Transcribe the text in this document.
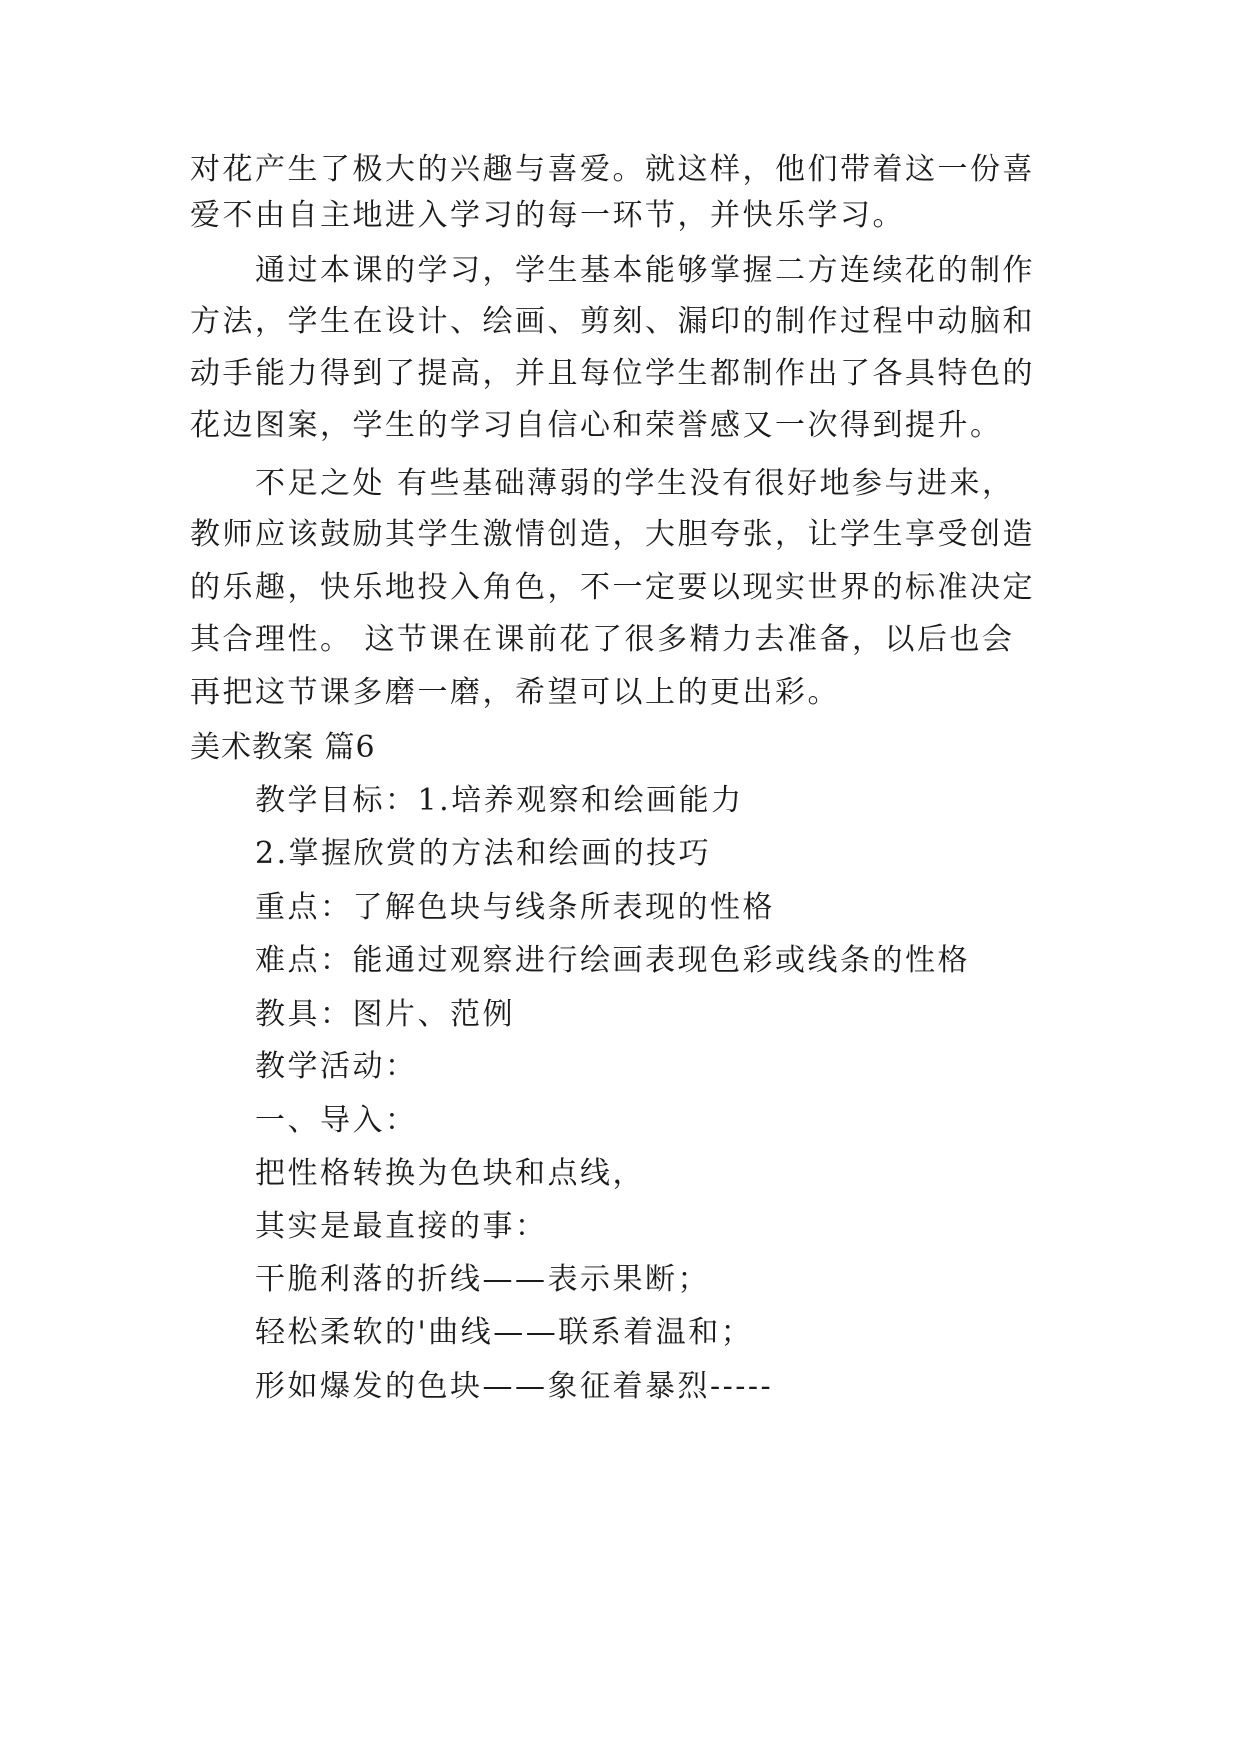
对花产生了极大的兴趣与喜爱。就这样，他们带着这一份喜
爱不由自主地进入学习的每一环节，并快乐学习。
通过本课的学习，学生基本能够掌握二方连续花的制作
方法，学生在设计、绘画、剪刻、漏印的制作过程中动脑和
动手能力得到了提高，并且每位学生都制作出了各具特色的
花边图案，学生的学习自信心和荣誉感又一次得到提升。
不足之处 有些基础薄弱的学生没有很好地参与进来，
教师应该鼓励其学生激情创造，大胆夸张，让学生享受创造
的乐趣，快乐地投入角色，不一定要以现实世界的标准决定
其合理性。 这节课在课前花了很多精力去准备，以后也会
再把这节课多磨一磨，希望可以上的更出彩。
美术教案 篇6
教学目标：1.培养观察和绘画能力
2.掌握欣赏的方法和绘画的技巧
重点：了解色块与线条所表现的性格
难点：能通过观察进行绘画表现色彩或线条的性格
教具：图片、范例
教学活动：
一、导入：
把性格转换为色块和点线，
其实是最直接的事：
干脆利落的折线——表示果断；
轻松柔软的'曲线——联系着温和；
形如爆发的色块——象征着暴烈-----
